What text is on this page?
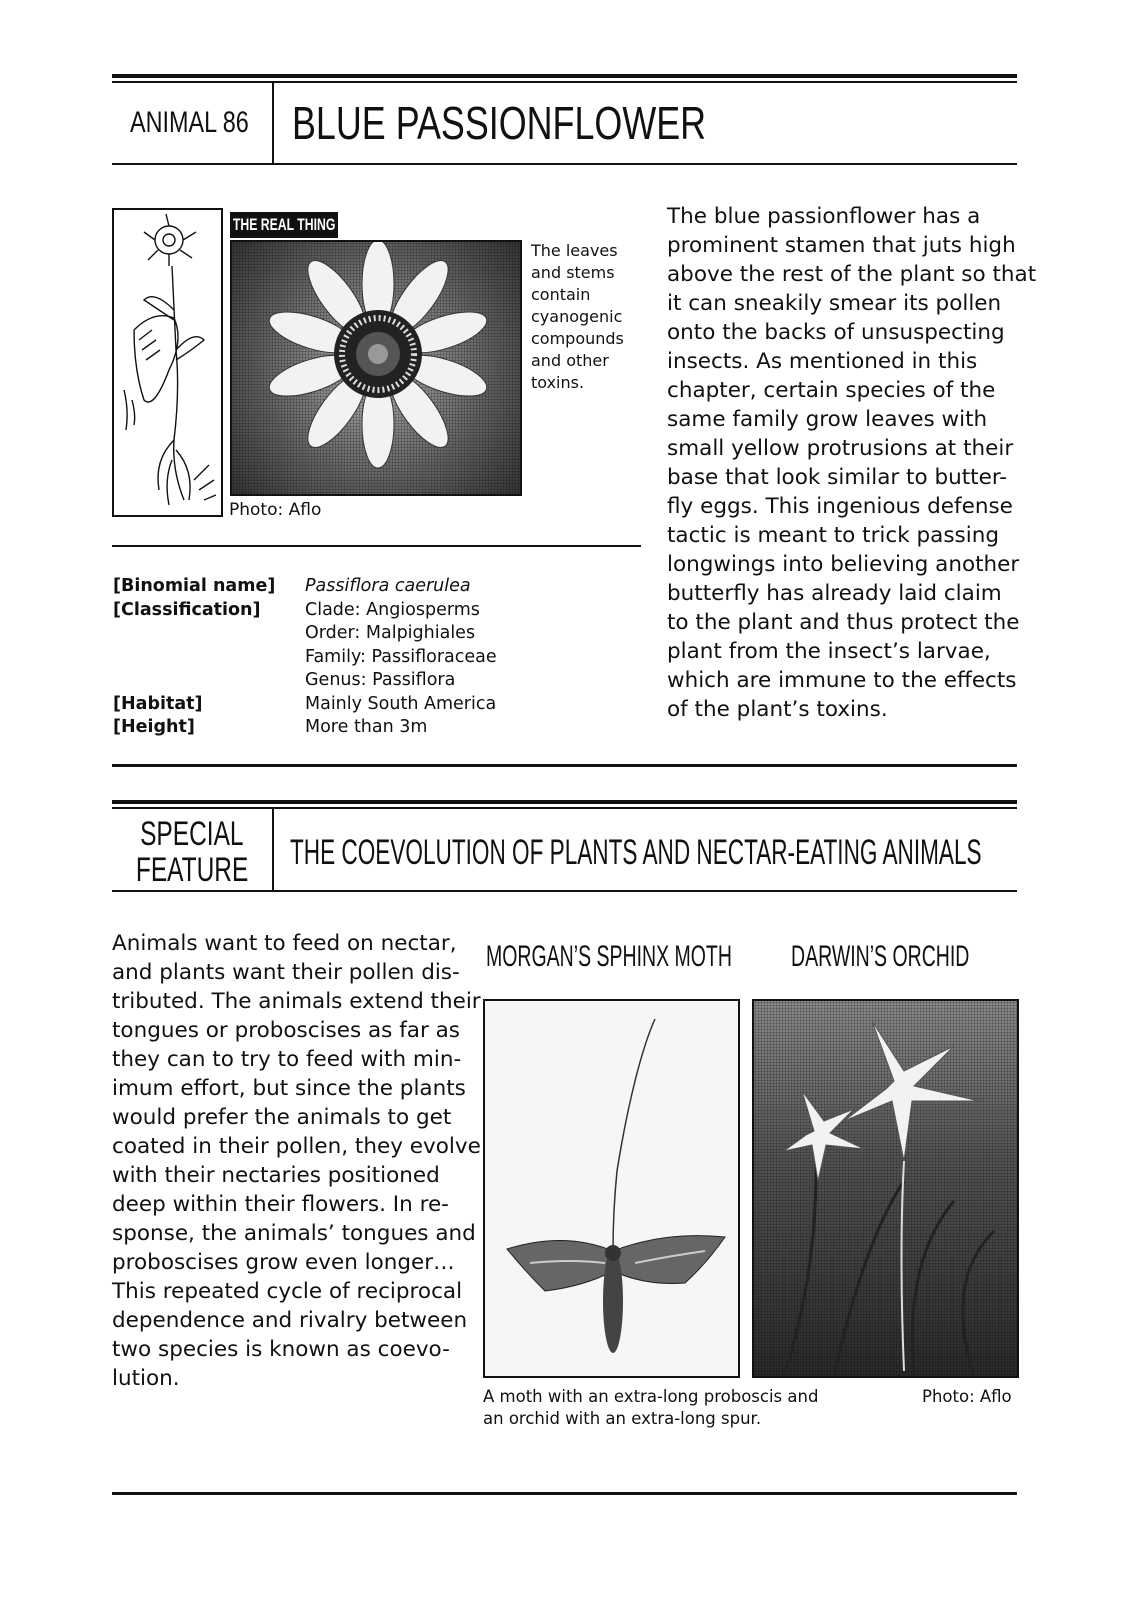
ANIMAL 86 BLUE PASSIONFLOWER
THE REAL THING
The leaves
and stems
contain
cyanogenic
compounds
and other
toxins.
Photo: Aflo
[Binomial name]
[Classification]
[Habitat]
[Height]
Passiflora caerulea
Clade: Angiosperms
Order: Malpighiales
Family: Passifloraceae
Genus: Passiflora
Mainly South America
More than 3m
The blue passionflower has a
prominent stamen that juts high
above the rest of the plant so that
it can sneakily smear its pollen
onto the backs of unsuspecting
insects. As mentioned in this
chapter, certain species of the
same family grow leaves with
small yellow protrusions at their
base that look similar to butter-
fly eggs. This ingenious defense
tactic is meant to trick passing
longwings into believing another
butterfly has already laid claim
to the plant and thus protect the
plant from the insect’s larvae,
which are immune to the effects
of the plant’s toxins.
SPECIAL
FEATURE	THE COEVOLUTION OF PLANTS AND NECTAR-EATING ANIMALS
Animals want to feed on nectar,
and plants want their pollen dis-
tributed. The animals extend their
tongues or proboscises as far as
they can to try to feed with min-
imum effort, but since the plants
would prefer the animals to get
coated in their pollen, they evolve
with their nectaries positioned
deep within their flowers. In re-
sponse, the animals’ tongues and
proboscises grow even longer…
This repeated cycle of reciprocal
dependence and rivalry between
two species is known as coevo-
lution.
MORGAN’S SPHINX MOTH DARWIN’S ORCHID
A moth with an extra-long proboscis and
an orchid with an extra-long spur.
Photo: Aflo
